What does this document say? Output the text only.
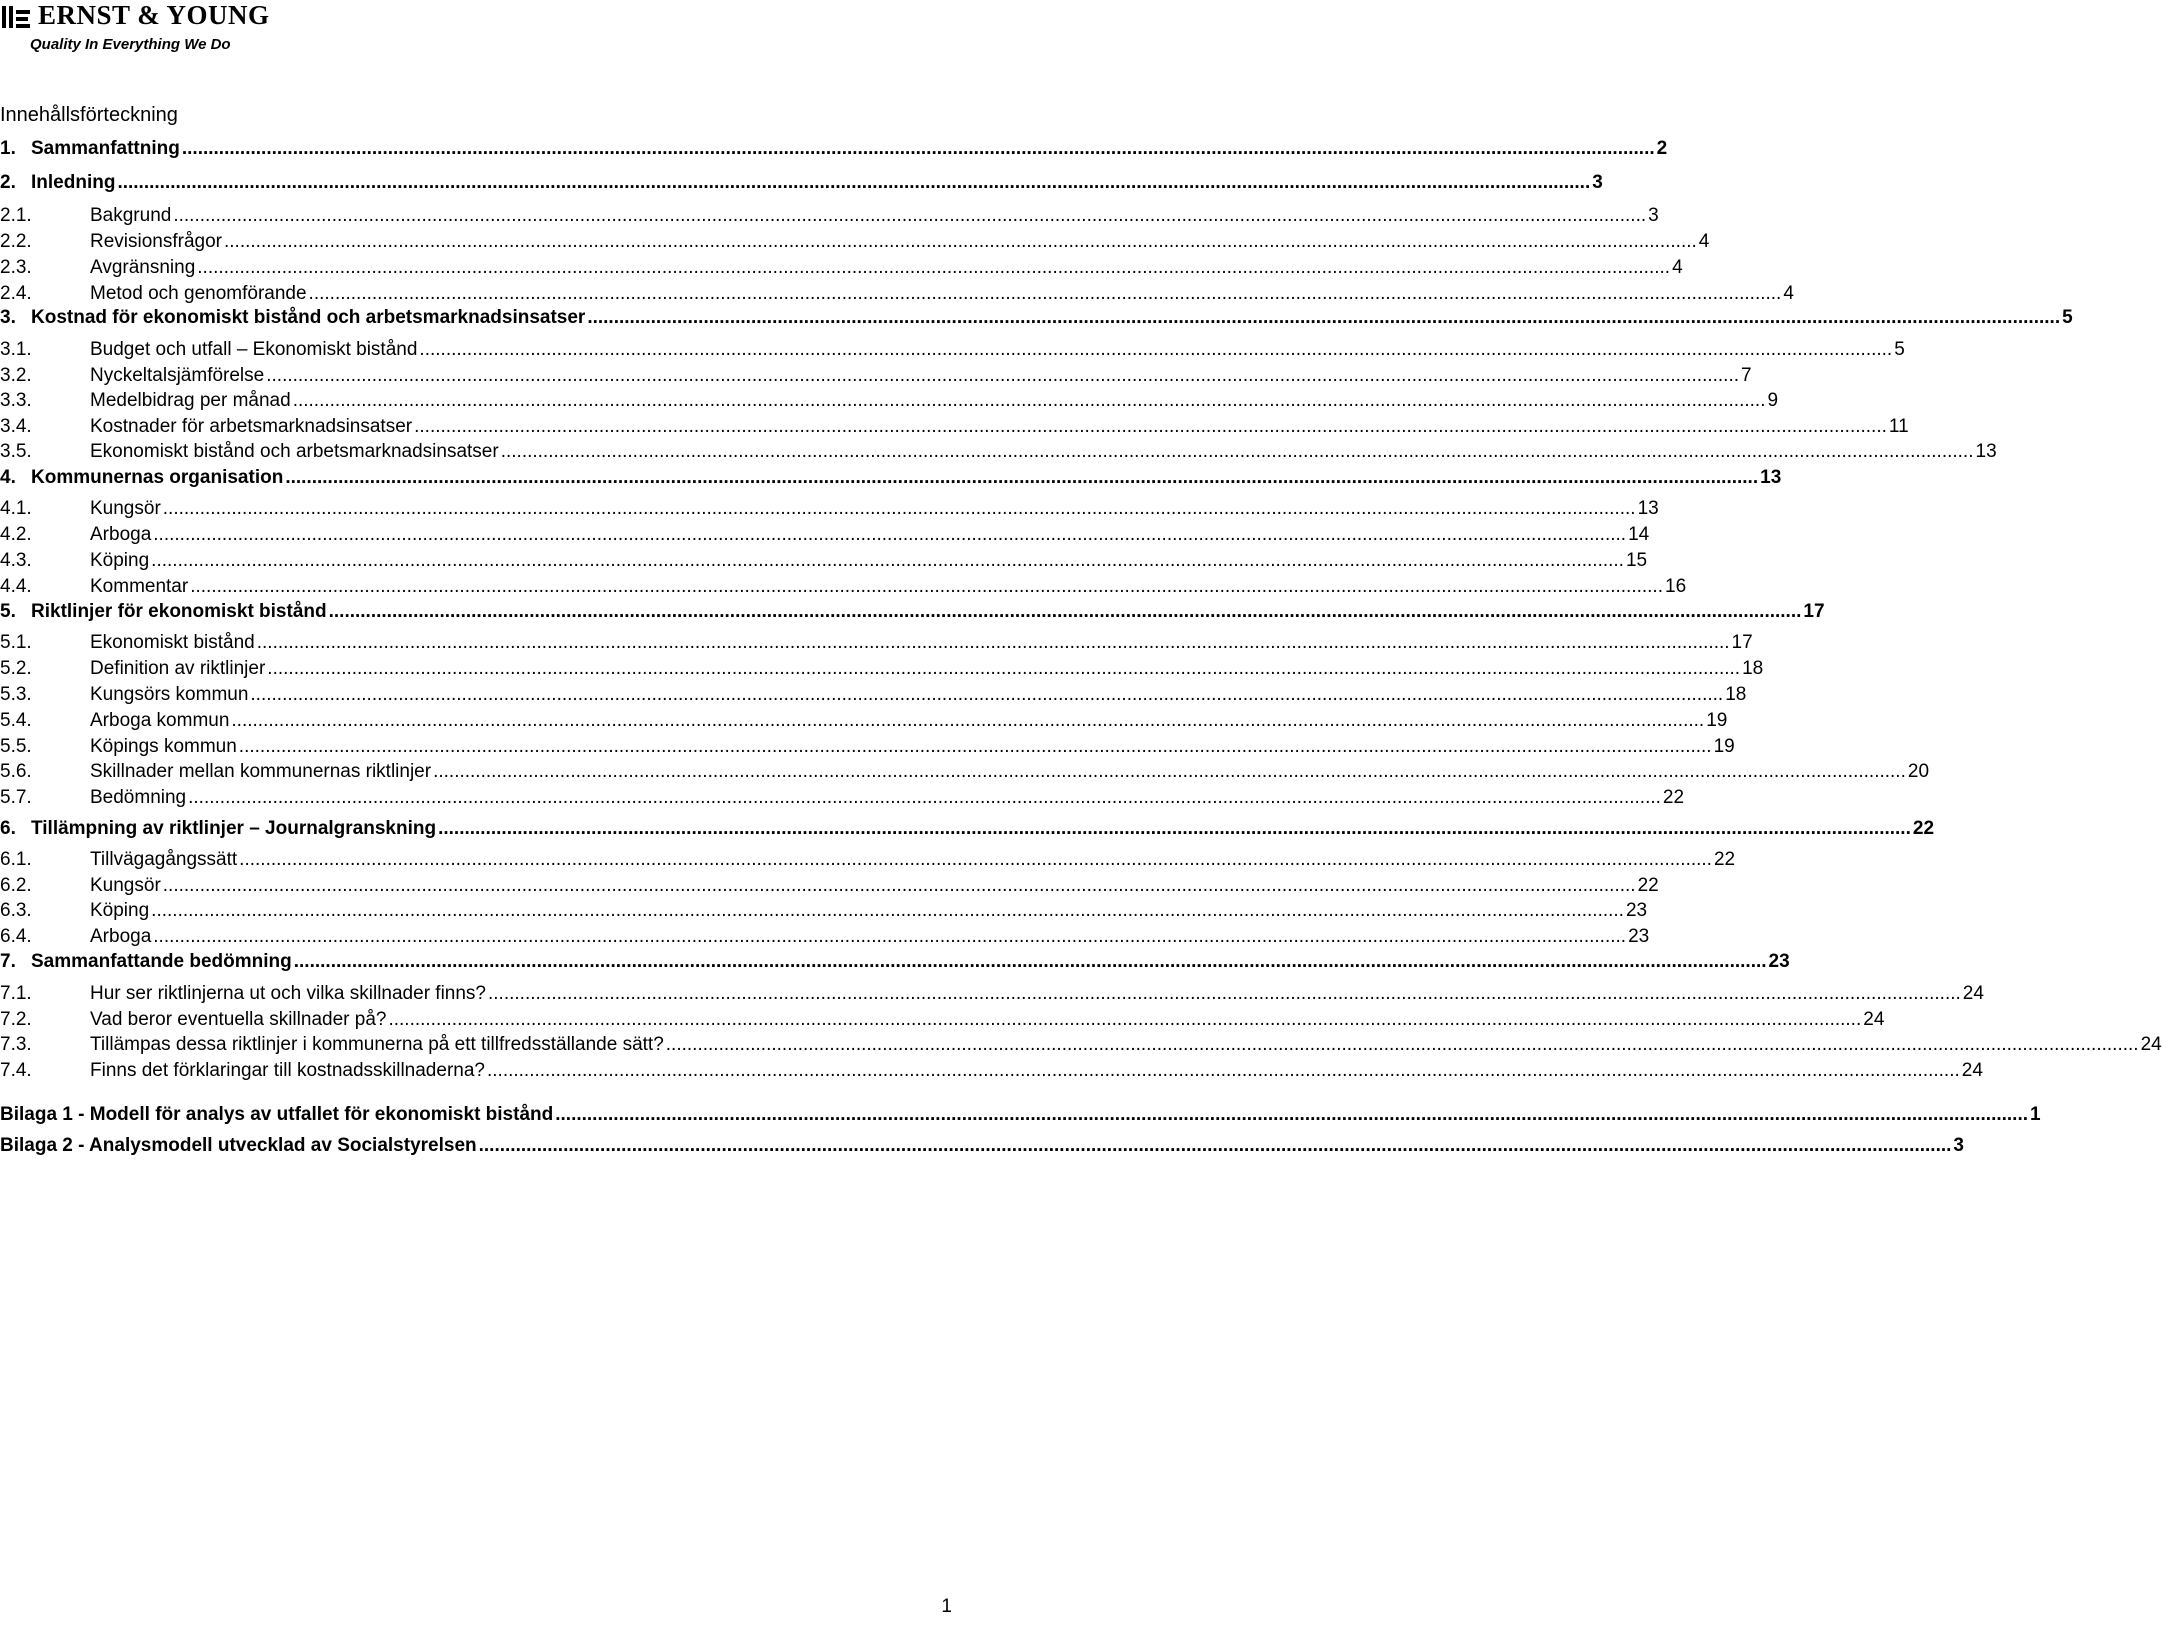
ERNST & YOUNG
Quality In Everything We Do
Innehållsförteckning
1. Sammanfattning .....	2
2. Inledning .....	3
2.1.	Bakgrund .....	3
2.2.	Revisionsfrågor .....	4
2.3.	Avgränsning .....	4
2.4.	Metod och genomförande .....	4
3. Kostnad för ekonomiskt bistånd och arbetsmarknadsinsatser .....	5
3.1.	Budget och utfall – Ekonomiskt bistånd .....	5
3.2.	Nyckeltalsjämförelse .....	7
3.3.	Medelbidrag per månad .....	9
3.4.	Kostnader för arbetsmarknadsinsatser .....	11
3.5.	Ekonomiskt bistånd och arbetsmarknadsinsatser .....	13
4. Kommunernas organisation .....	13
4.1.	Kungsör .....	13
4.2.	Arboga .....	14
4.3.	Köping .....	15
4.4.	Kommentar .....	16
5. Riktlinjer för ekonomiskt bistånd .....	17
5.1.	Ekonomiskt bistånd .....	17
5.2.	Definition av riktlinjer .....	18
5.3.	Kungsörs kommun .....	18
5.4.	Arboga kommun .....	19
5.5.	Köpings kommun .....	19
5.6.	Skillnader mellan kommunernas riktlinjer .....	20
5.7.	Bedömning .....	22
6. Tillämpning av riktlinjer – Journalgranskning .....	22
6.1.	Tillvägagångssätt .....	22
6.2.	Kungsör .....	22
6.3.	Köping .....	23
6.4.	Arboga .....	23
7. Sammanfattande bedömning .....	23
7.1.	Hur ser riktlinjerna ut och vilka skillnader finns? .....	24
7.2.	Vad beror eventuella skillnader på? .....	24
7.3.	Tillämpas dessa riktlinjer i kommunerna på ett tillfredsställande sätt? .....	24
7.4.	Finns det förklaringar till kostnadsskillnaderna? .....	24
Bilaga 1 - Modell för analys av utfallet för ekonomiskt bistånd .....	1
Bilaga 2 - Analysmodell utvecklad av Socialstyrelsen .....	3
1
